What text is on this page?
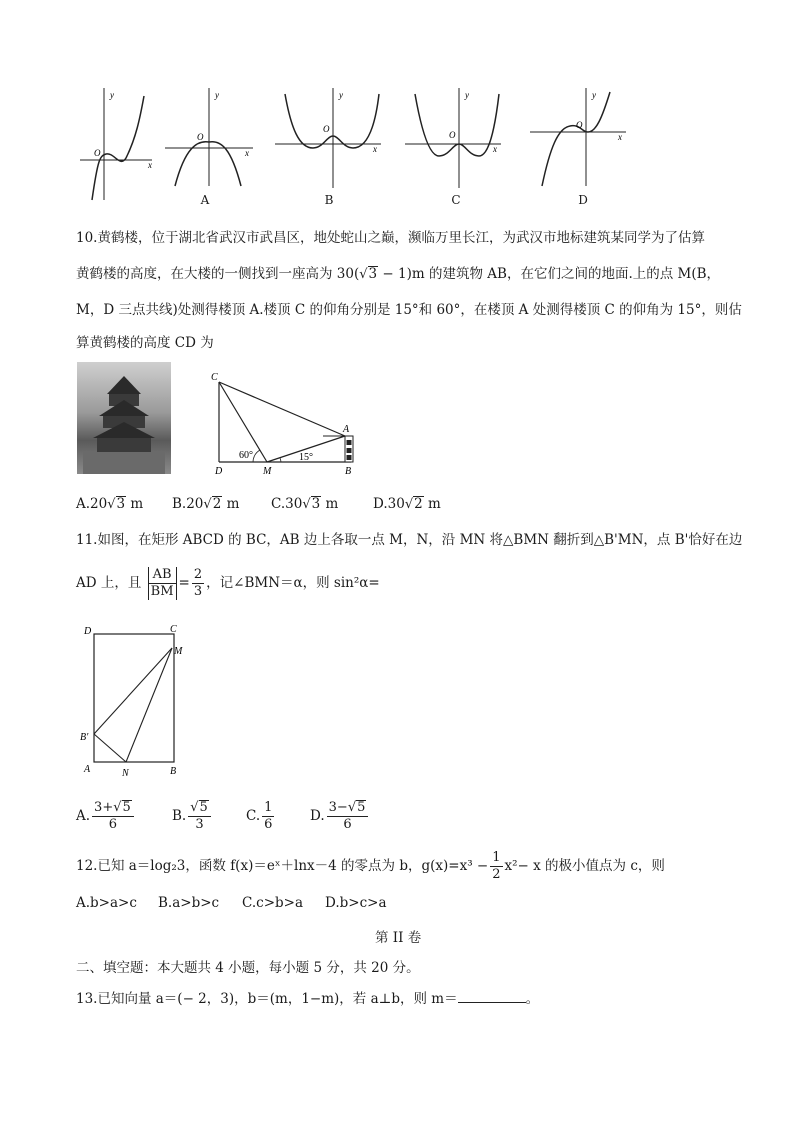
y
O
x
y
O
x
A
y
O
x
B
y
O
x
C
y
O
x
D
10.黄鹤楼，位于湖北省武汉市武昌区，地处蛇山之巅，濒临万里长江，为武汉市地标建筑某同学为了估算
黄鹤楼的高度，在大楼的一侧找到一座高为 30(√3 − 1)m 的建筑物 AB，在它们之间的地面.上的点 M(B，
M，D 三点共线)处测得楼顶 A.楼顶 C 的仰角分别是 15°和 60°，在楼顶 A 处测得楼顶 C 的仰角为 15°，则估
算黄鹤楼的高度 CD 为
C
A
D	M	B
60°	15°
A.20√3 m B.20√2 m C.30√3 m	D.30√2 m
11.如图，在矩形 ABCD 的 BC，AB 边上各取一点 M，N，沿 MN 将△BMN 翻折到△B'MN，点 B'恰好在边
AD 上，且 $\frac{AB}{BM} = \frac{2}{3}$ ，记∠BMN＝α，则 sin²α=
D	C
M
B′
A	N	B
A. $\frac{3+√5}{6}$	B. $\frac{√5}{3}$	C. $\frac{1}{6}$	D. $\frac{3-√5}{6}$
12.已知 a＝log₂3，函数 f(x)＝eˣ＋lnx－4 的零点为 b，$g(x)=x^3 - \frac{1}{2} x^2- x$ 的极小值点为 c，则
A.b>a>c B.a>b>c C.c>b>a D.b>c>a
第 II 卷
二、填空题：本大题共 4 小题，每小题 5 分，共 20 分。
13.已知向量 a＝(− 2，3)，b＝(m，1−m)，若 a⊥b，则 m＝	。
